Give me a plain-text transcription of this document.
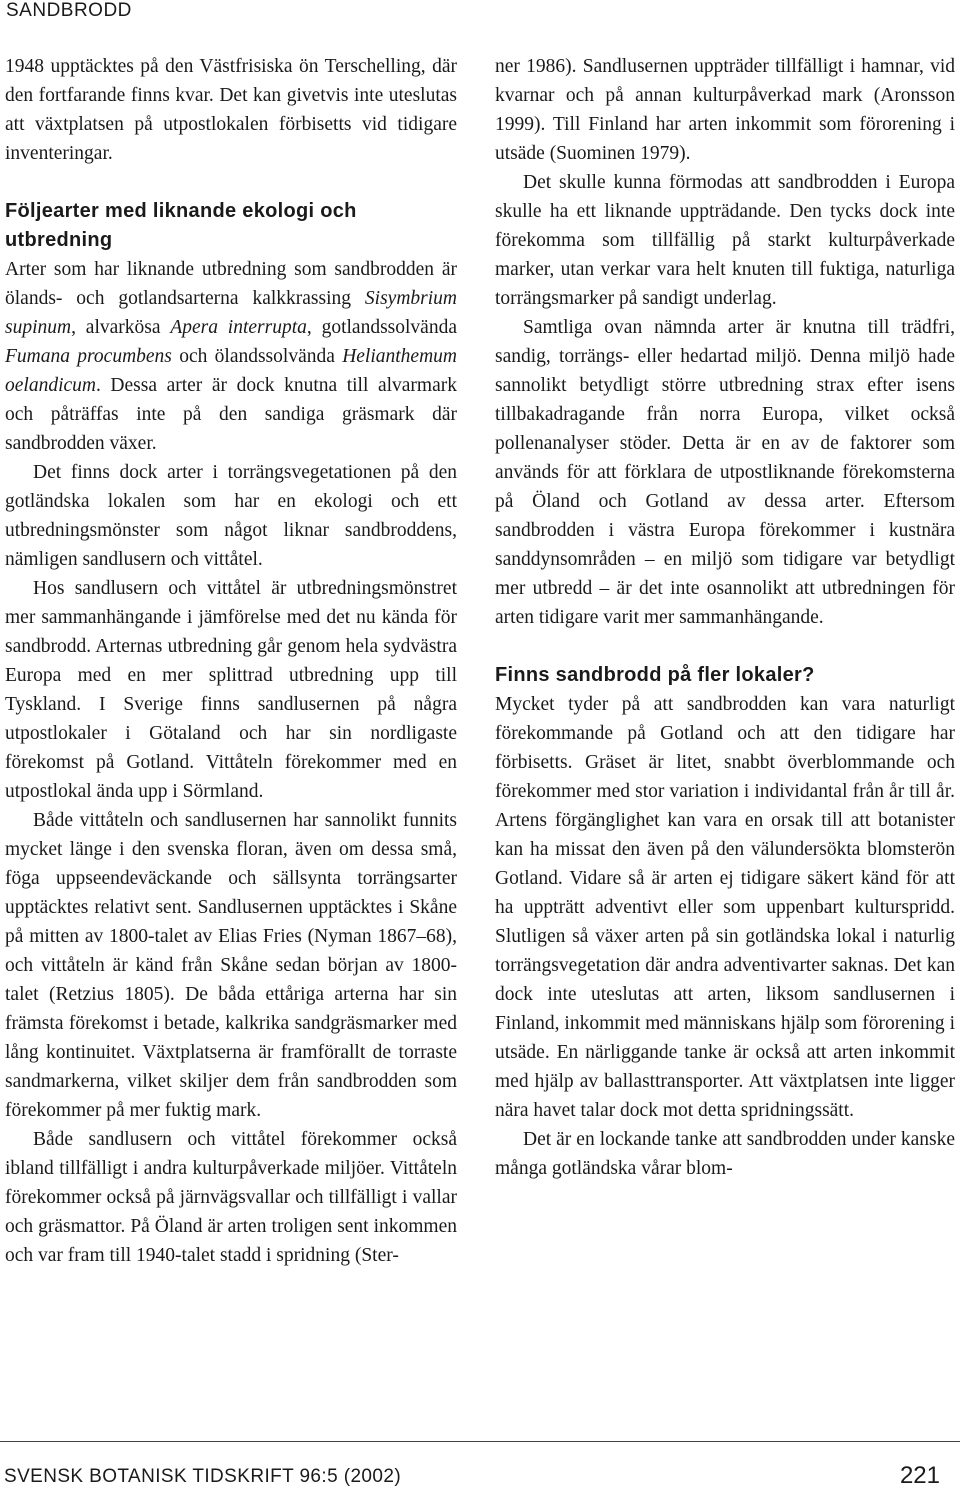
SANDBRODD

1948 upptäcktes på den Västfrisiska ön Terschelling, där den fortfarande finns kvar. Det kan givetvis inte uteslutas att växtplatsen på utpostlokalen förbisetts vid tidigare inventeringar.

Följearter med liknande ekologi och utbredning

Arter som har liknande utbredning som sandbrodden är ölands- och gotlandsarterna kalkkrassing Sisymbrium supinum, alvarkösa Apera interrupta, gotlandssolvända Fumana procumbens och ölandssolvända Helianthemum oelandicum. Dessa arter är dock knutna till alvarmark och påträffas inte på den sandiga gräsmark där sandbrodden växer.

Det finns dock arter i torrängsvegetationen på den gotländska lokalen som har en ekologi och ett utbredningsmönster som något liknar sandbroddens, nämligen sandlusern och vittåtel.

Hos sandlusern och vittåtel är utbredningsmönstret mer sammanhängande i jämförelse med det nu kända för sandbrodd. Arternas utbredning går genom hela sydvästra Europa med en mer splittrad utbredning upp till Tyskland. I Sverige finns sandlusernen på några utpostlokaler i Götaland och har sin nordligaste förekomst på Gotland. Vittåteln förekommer med en utpostlokal ända upp i Sörmland.

Både vittåteln och sandlusernen har sannolikt funnits mycket länge i den svenska floran, även om dessa små, föga uppseendeväckande och sällsynta torrängsarter upptäcktes relativt sent. Sandlusernen upptäcktes i Skåne på mitten av 1800-talet av Elias Fries (Nyman 1867–68), och vittåteln är känd från Skåne sedan början av 1800-talet (Retzius 1805). De båda ettåriga arterna har sin främsta förekomst i betade, kalkrika sandgräsmarker med lång kontinuitet. Växtplatserna är framförallt de torraste sandmarkerna, vilket skiljer dem från sandbrodden som förekommer på mer fuktig mark.

Både sandlusern och vittåtel förekommer också ibland tillfälligt i andra kulturpåverkade miljöer. Vittåteln förekommer också på järnvägsvallar och tillfälligt i vallar och gräsmattor. På Öland är arten troligen sent inkommen och var fram till 1940-talet stadd i spridning (Ster-

ner 1986). Sandlusernen uppträder tillfälligt i hamnar, vid kvarnar och på annan kulturpåverkad mark (Aronsson 1999). Till Finland har arten inkommit som förorening i utsäde (Suominen 1979).

Det skulle kunna förmodas att sandbrodden i Europa skulle ha ett liknande uppträdande. Den tycks dock inte förekomma som tillfällig på starkt kulturpåverkade marker, utan verkar vara helt knuten till fuktiga, naturliga torrängsmarker på sandigt underlag.

Samtliga ovan nämnda arter är knutna till trädfri, sandig, torrängs- eller hedartad miljö. Denna miljö hade sannolikt betydligt större utbredning strax efter isens tillbakadragande från norra Europa, vilket också pollenanalyser stöder. Detta är en av de faktorer som används för att förklara de utpostliknande förekomsterna på Öland och Gotland av dessa arter. Eftersom sandbrodden i västra Europa förekommer i kustnära sanddynsområden – en miljö som tidigare var betydligt mer utbredd – är det inte osannolikt att utbredningen för arten tidigare varit mer sammanhängande.

Finns sandbrodd på fler lokaler?

Mycket tyder på att sandbrodden kan vara naturligt förekommande på Gotland och att den tidigare har förbisetts. Gräset är litet, snabbt överblommande och förekommer med stor variation i individantal från år till år. Artens förgänglighet kan vara en orsak till att botanister kan ha missat den även på den välundersökta blomsterön Gotland. Vidare så är arten ej tidigare säkert känd för att ha uppträtt adventivt eller som uppenbart kulturspridd. Slutligen så växer arten på sin gotländska lokal i naturlig torrängsvegetation där andra adventivarter saknas. Det kan dock inte uteslutas att arten, liksom sandlusernen i Finland, inkommit med människans hjälp som förorening i utsäde. En närliggande tanke är också att arten inkommit med hjälp av ballasttransporter. Att växtplatsen inte ligger nära havet talar dock mot detta spridningssätt.

Det är en lockande tanke att sandbrodden under kanske många gotländska vårar blom-

SVENSK BOTANISK TIDSKRIFT 96:5 (2002)	221
